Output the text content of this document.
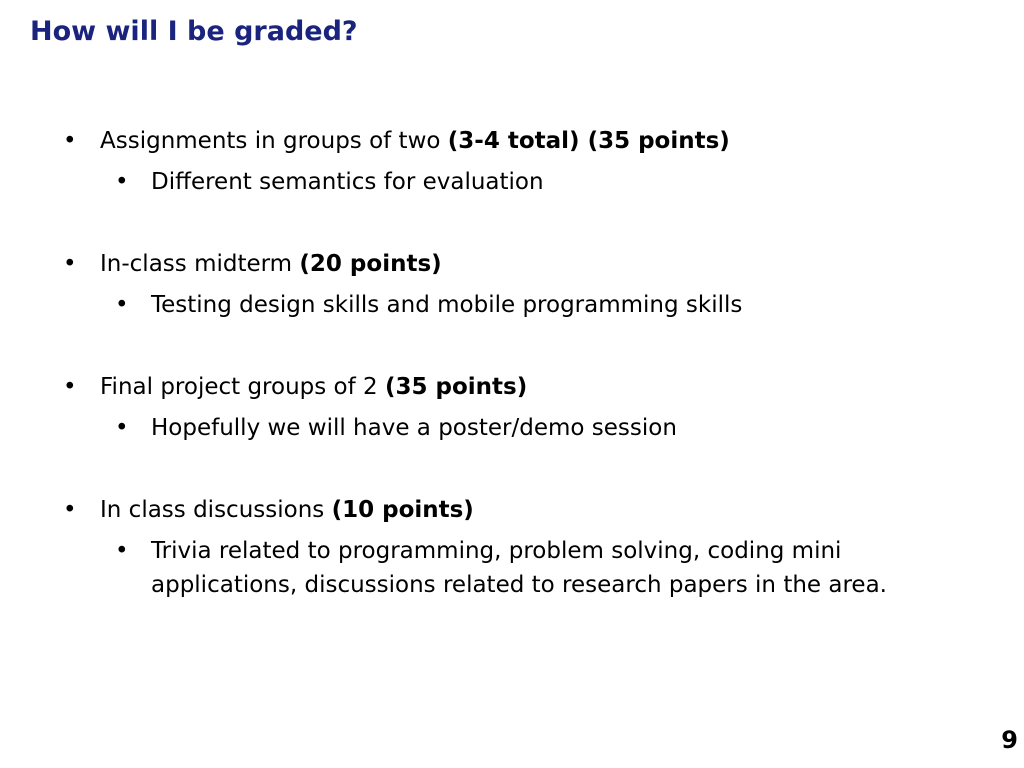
How will I be graded?
• Assignments in groups of two (3-4 total) (35 points)
• Different semantics for evaluation
• In-class midterm (20 points)
• Testing design skills and mobile programming skills
• Final project groups of 2 (35 points)
• Hopefully we will have a poster/demo session
• In class discussions (10 points)
• Trivia related to programming, problem solving, coding mini applications, discussions related to research papers in the area.
9
